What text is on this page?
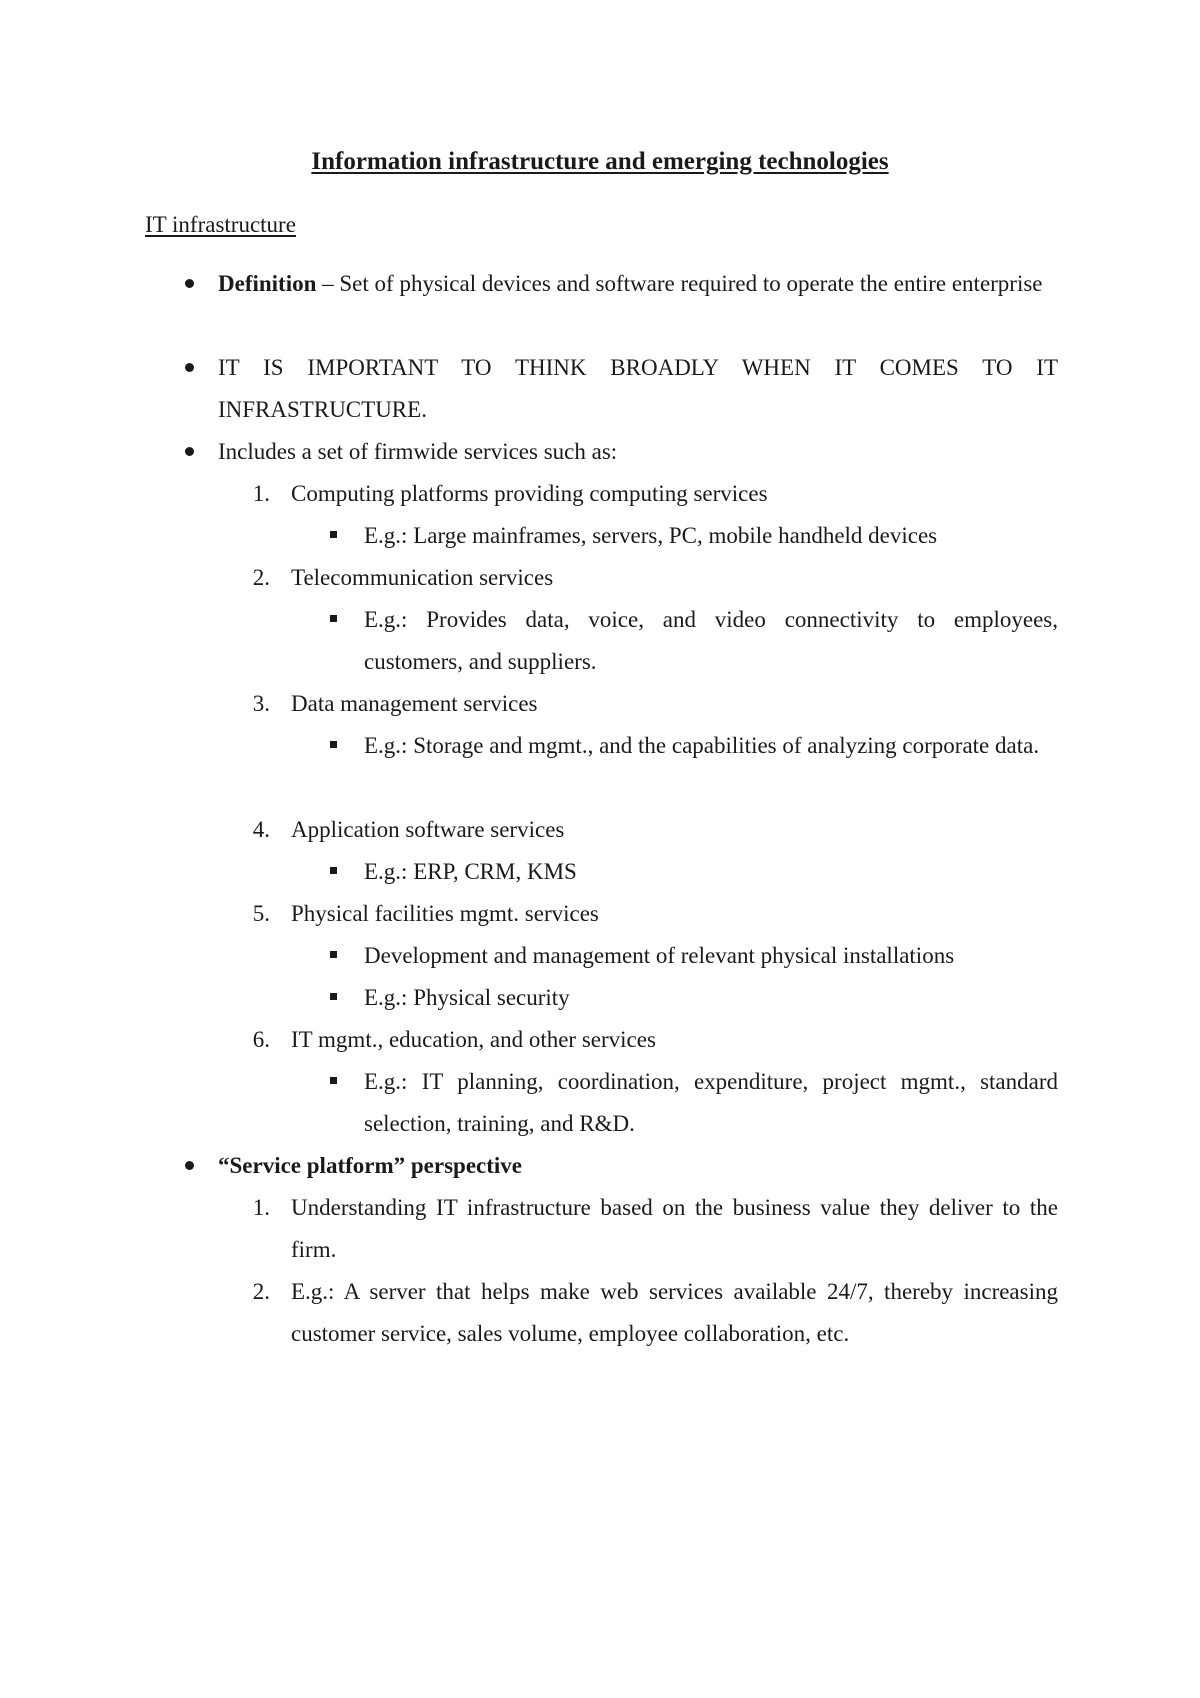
Information infrastructure and emerging technologies

IT infrastructure

Definition – Set of physical devices and software required to operate the entire enterprise

IT IS IMPORTANT TO THINK BROADLY WHEN IT COMES TO IT INFRASTRUCTURE.

Includes a set of firmwide services such as:

1. Computing platforms providing computing services

E.g.: Large mainframes, servers, PC, mobile handheld devices

2. Telecommunication services

E.g.: Provides data, voice, and video connectivity to employees, customers, and suppliers.

3. Data management services

E.g.: Storage and mgmt., and the capabilities of analyzing corporate data.

4. Application software services

E.g.: ERP, CRM, KMS

5. Physical facilities mgmt. services

Development and management of relevant physical installations

E.g.: Physical security

6. IT mgmt., education, and other services

E.g.: IT planning, coordination, expenditure, project mgmt., standard selection, training, and R&D.

“Service platform” perspective

1. Understanding IT infrastructure based on the business value they deliver to the firm.

2. E.g.: A server that helps make web services available 24/7, thereby increasing customer service, sales volume, employee collaboration, etc.
